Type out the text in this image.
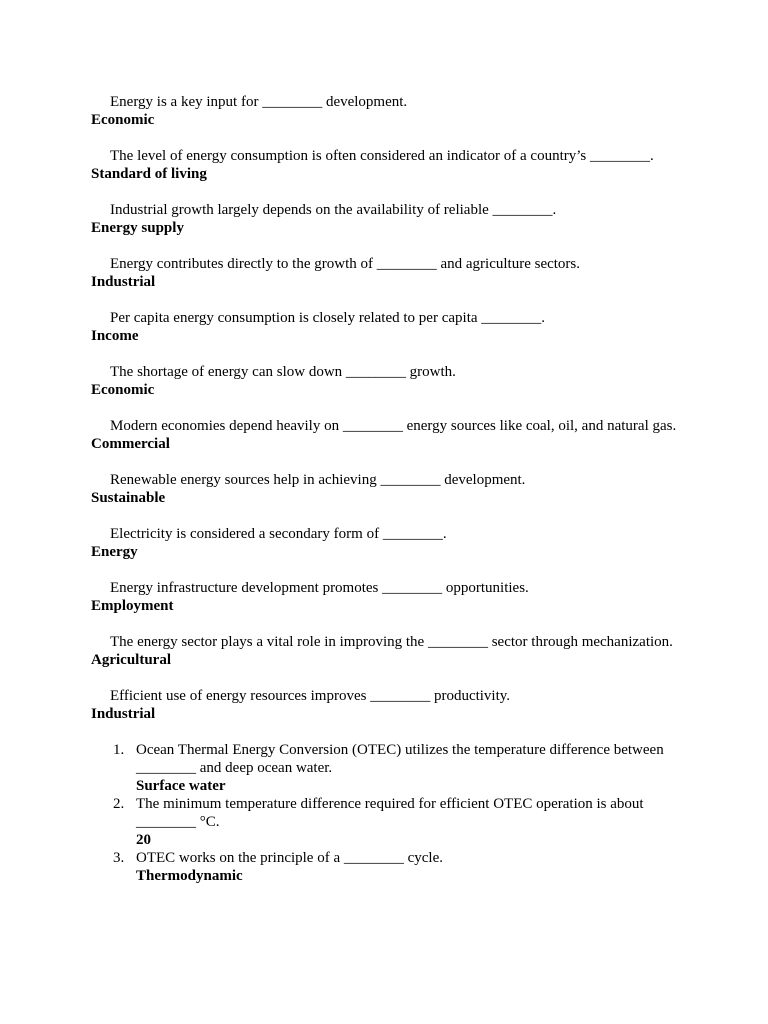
Energy is a key input for ________ development.
Economic
The level of energy consumption is often considered an indicator of a country’s ________.
Standard of living
Industrial growth largely depends on the availability of reliable ________.
Energy supply
Energy contributes directly to the growth of ________ and agriculture sectors.
Industrial
Per capita energy consumption is closely related to per capita ________.
Income
The shortage of energy can slow down ________ growth.
Economic
Modern economies depend heavily on ________ energy sources like coal, oil, and natural gas.
Commercial
Renewable energy sources help in achieving ________ development.
Sustainable
Electricity is considered a secondary form of ________.
Energy
Energy infrastructure development promotes ________ opportunities.
Employment
The energy sector plays a vital role in improving the ________ sector through mechanization.
Agricultural
Efficient use of energy resources improves ________ productivity.
Industrial
1. Ocean Thermal Energy Conversion (OTEC) utilizes the temperature difference between ________ and deep ocean water.
Surface water
2. The minimum temperature difference required for efficient OTEC operation is about ________ °C.
20
3. OTEC works on the principle of a ________ cycle.
Thermodynamic
